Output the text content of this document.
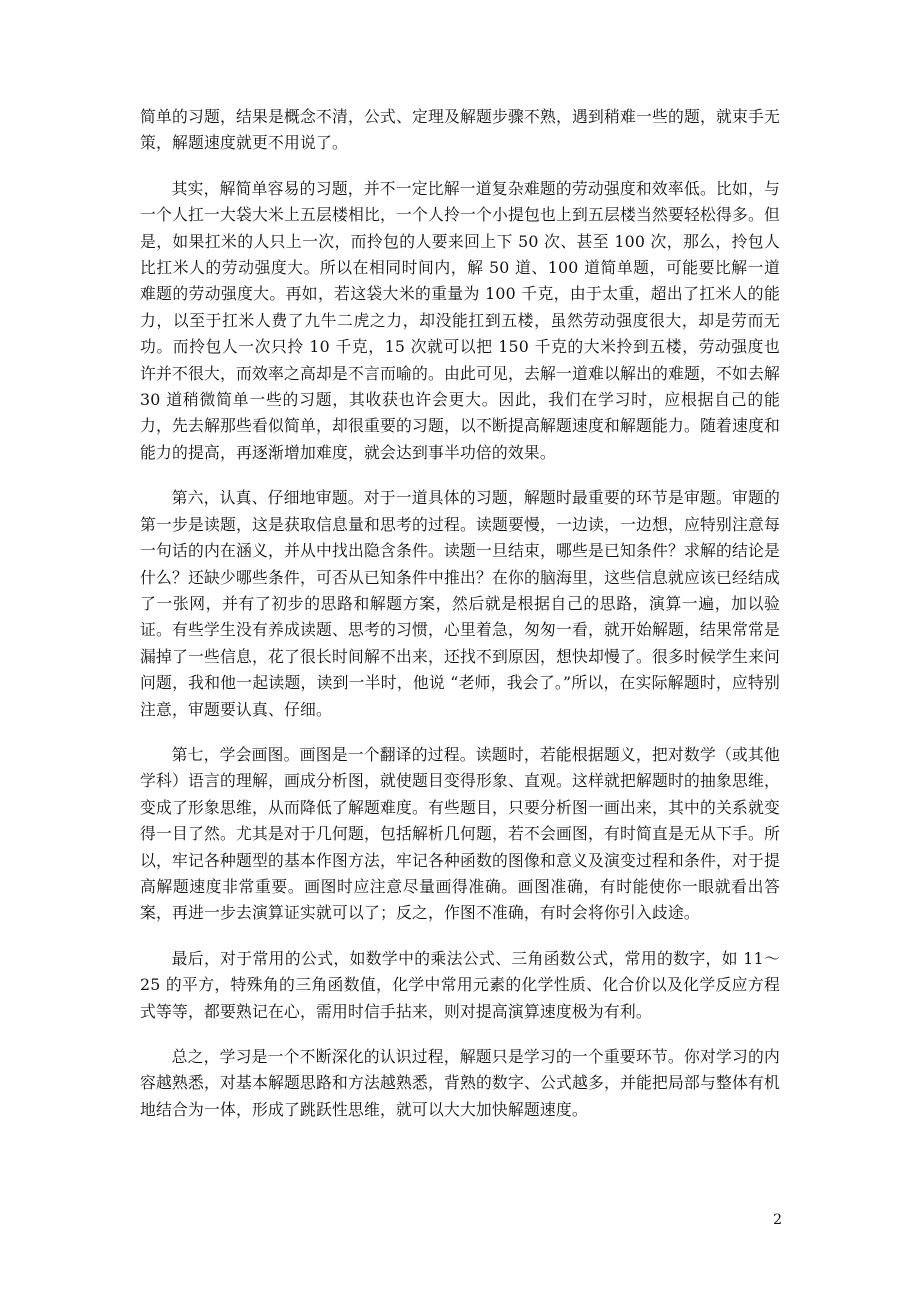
简单的习题，结果是概念不清，公式、定理及解题步骤不熟，遇到稍难一些的题，就束手无策，解题速度就更不用说了。

其实，解简单容易的习题，并不一定比解一道复杂难题的劳动强度和效率低。比如，与一个人扛一大袋大米上五层楼相比，一个人拎一个小提包也上到五层楼当然要轻松得多。但是，如果扛米的人只上一次，而拎包的人要来回上下 50 次、甚至 100 次，那么，拎包人比扛米人的劳动强度大。所以在相同时间内，解 50 道、100 道简单题，可能要比解一道难题的劳动强度大。再如，若这袋大米的重量为 100 千克，由于太重，超出了扛米人的能力，以至于扛米人费了九牛二虎之力，却没能扛到五楼，虽然劳动强度很大，却是劳而无功。而拎包人一次只拎 10 千克，15 次就可以把 150 千克的大米拎到五楼，劳动强度也许并不很大，而效率之高却是不言而喻的。由此可见，去解一道难以解出的难题，不如去解 30 道稍微简单一些的习题，其收获也许会更大。因此，我们在学习时，应根据自己的能力，先去解那些看似简单，却很重要的习题，以不断提高解题速度和解题能力。随着速度和能力的提高，再逐渐增加难度，就会达到事半功倍的效果。

第六，认真、仔细地审题。对于一道具体的习题，解题时最重要的环节是审题。审题的第一步是读题，这是获取信息量和思考的过程。读题要慢，一边读，一边想，应特别注意每一句话的内在涵义，并从中找出隐含条件。读题一旦结束，哪些是已知条件？求解的结论是什么？还缺少哪些条件，可否从已知条件中推出？在你的脑海里，这些信息就应该已经结成了一张网，并有了初步的思路和解题方案，然后就是根据自己的思路，演算一遍，加以验证。有些学生没有养成读题、思考的习惯，心里着急，匆匆一看，就开始解题，结果常常是漏掉了一些信息，花了很长时间解不出来，还找不到原因，想快却慢了。很多时候学生来问问题，我和他一起读题，读到一半时，他说 “老师，我会了。”所以，在实际解题时，应特别注意，审题要认真、仔细。

第七，学会画图。画图是一个翻译的过程。读题时，若能根据题义，把对数学（或其他学科）语言的理解，画成分析图，就使题目变得形象、直观。这样就把解题时的抽象思维，变成了形象思维，从而降低了解题难度。有些题目，只要分析图一画出来，其中的关系就变得一目了然。尤其是对于几何题，包括解析几何题，若不会画图，有时简直是无从下手。所以，牢记各种题型的基本作图方法，牢记各种函数的图像和意义及演变过程和条件，对于提高解题速度非常重要。画图时应注意尽量画得准确。画图准确，有时能使你一眼就看出答案，再进一步去演算证实就可以了；反之，作图不准确，有时会将你引入歧途。

最后，对于常用的公式，如数学中的乘法公式、三角函数公式，常用的数字，如 11～25 的平方，特殊角的三角函数值，化学中常用元素的化学性质、化合价以及化学反应方程式等等，都要熟记在心，需用时信手拈来，则对提高演算速度极为有利。

总之，学习是一个不断深化的认识过程，解题只是学习的一个重要环节。你对学习的内容越熟悉，对基本解题思路和方法越熟悉，背熟的数字、公式越多，并能把局部与整体有机地结合为一体，形成了跳跃性思维，就可以大大加快解题速度。

2
